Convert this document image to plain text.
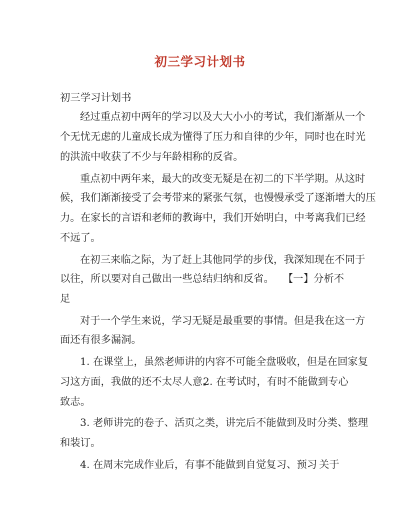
初三学习计划书
初三学习计划书
经过重点初中两年的学习以及大大小小的考试，我们渐渐从一个
个无忧无虑的儿童成长成为懂得了压力和自律的少年，同时也在时光
的洪流中收获了不少与年龄相称的反省。
重点初中两年来，最大的改变无疑是在初二的下半学期。从这时
候，我们渐渐接受了会考带来的紧张气氛，也慢慢承受了逐渐增大的压
力。在家长的言语和老师的教诲中，我们开始明白，中考离我们已经
不远了。
在初三来临之际，为了赶上其他同学的步伐，我深知现在不同于
以往，所以要对自己做出一些总结归纳和反省。 【一】分析不
足
对于一个学生来说，学习无疑是最重要的事情。但是我在这一方
面还有很多漏洞。
1. 在课堂上，虽然老师讲的内容不可能全盘吸收，但是在回家复
习这方面，我做的还不太尽人意。
2. 在考试时，有时不能做到专心
致志。
3. 老师讲完的卷子、活页之类，讲完后不能做到及时分类、整理
和装订。
4. 在周末完成作业后，有事不能做到自觉复习、预习 关于
